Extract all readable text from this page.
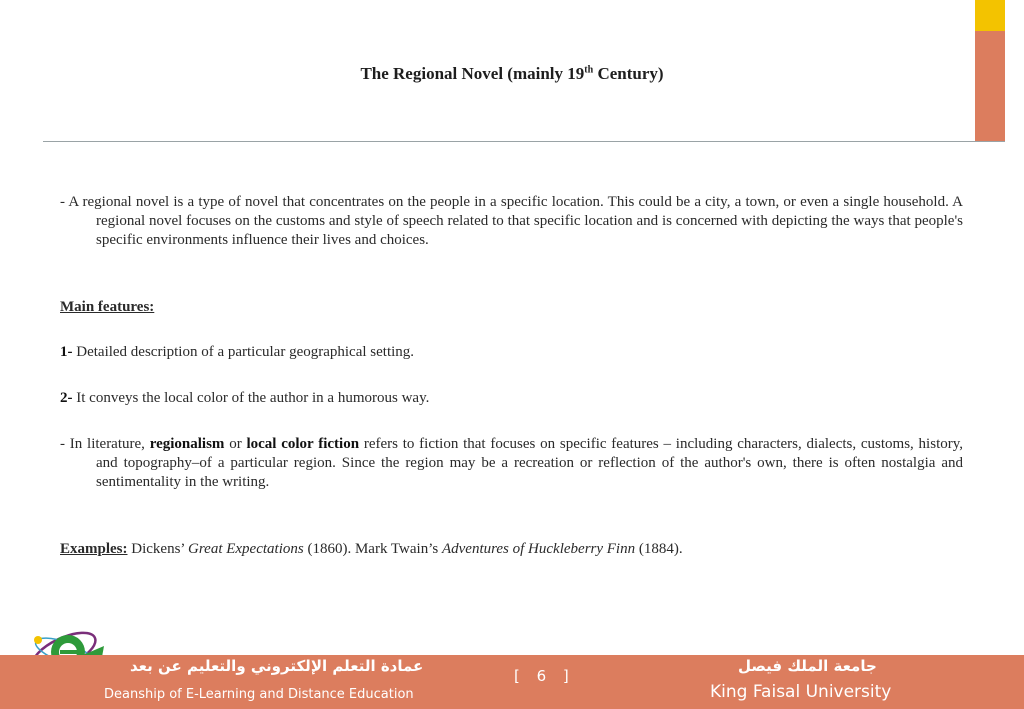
The Regional Novel (mainly 19th Century)
- A regional novel is a type of novel that concentrates on the people in a specific location. This could be a city, a town, or even a single household. A regional novel focuses on the customs and style of speech related to that specific location and is concerned with depicting the ways that people's specific environments influence their lives and choices.
Main features:
1- Detailed description of a particular geographical setting.
2- It conveys the local color of the author in a humorous way.
- In literature, regionalism or local color fiction refers to fiction that focuses on specific features – including characters, dialects, customs, history, and topography–of a particular region. Since the region may be a recreation or reflection of the author's own, there is often nostalgia and sentimentality in the writing.
Examples: Dickens’ Great Expectations (1860). Mark Twain’s Adventures of Huckleberry Finn (1884).
عمادة التعلم الإلكتروني والتعليم عن بعد
Deanship of E-Learning and Distance Education
[ 6 ]
جامعة الملك فيصل
King Faisal University
